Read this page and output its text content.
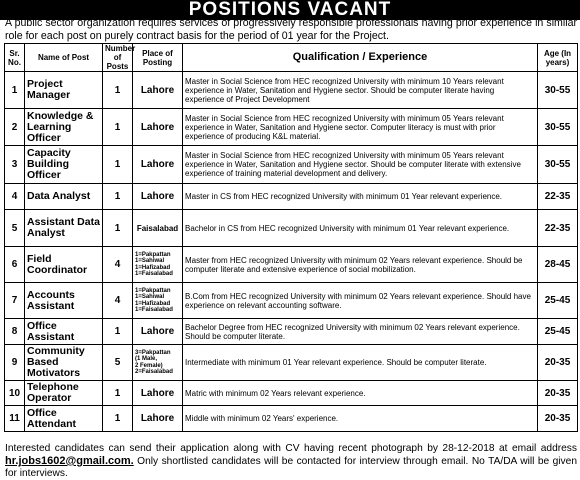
POSITIONS VACANT
A public sector organization requires services of progressively responsible professionals having prior experience in similar role for each post on purely contract basis for the period of 01 year for the Project.
Sr. No.	Name of Post	Number of Posts	Place of Posting	Qualification / Experience	Age (In years)
1	Project Manager	1	Lahore	Master in Social Science from HEC recognized University with minimum 10 Years relevant experience in Water, Sanitation and Hygiene sector. Should be computer literate having experience of Project Development	30-55
2	Knowledge & Learning Officer	1	Lahore	Master in Social Science from HEC recognized University with minimum 05 Years relevant experience in Water, Sanitation and Hygiene sector. Computer literacy is must with prior experience of producing K&L material.	30-55
3	Capacity Building Officer	1	Lahore	Master in Social Science from HEC recognized University with minimum 05 Years relevant experience in Water, Sanitation and Hygiene sector. Should be computer literate with extensive experience of training material development and delivery.	30-55
4	Data Analyst	1	Lahore	Master in CS from HEC recognized University with minimum 01 Year relevant experience.	22-35
5	Assistant Data Analyst	1	Faisalabad	Bachelor in CS from HEC recognized University with minimum 01 Year relevant experience.	22-35
6	Field Coordinator	4	1=Pakpattan
1=Sahiwal
1=Hafizabad
1=Faisalabad	Master from HEC recognized University with minimum 02 Years relevant experience. Should be computer literate and extensive experience of social mobilization.	28-45
7	Accounts Assistant	4	1=Pakpattan
1=Sahiwal
1=Hafizabad
1=Faisalabad	B.Com from HEC recognized University with minimum 02 Years relevant experience. Should have experience on relevant accounting software.	25-45
8	Office Assistant	1	Lahore	Bachelor Degree from HEC recognized University with minimum 02 Years relevant experience. Should be computer literate.	25-45
9	Community Based Motivators	5	3=Pakpattan
(1 Male,
2 Female)
2=Faisalabad	Intermediate with minimum 01 Year relevant experience. Should be computer literate.	20-35
10	Telephone Operator	1	Lahore	Matric with minimum 02 Years relevant experience.	20-35
11	Office Attendant	1	Lahore	Middle with minimum 02 Years' experience.	20-35
Interested candidates can send their application along with CV having recent photograph by 28-12-2018 at email address hr.jobs1602@gmail.com. Only shortlisted candidates will be contacted for interview through email. No TA/DA will be given for interviews.
